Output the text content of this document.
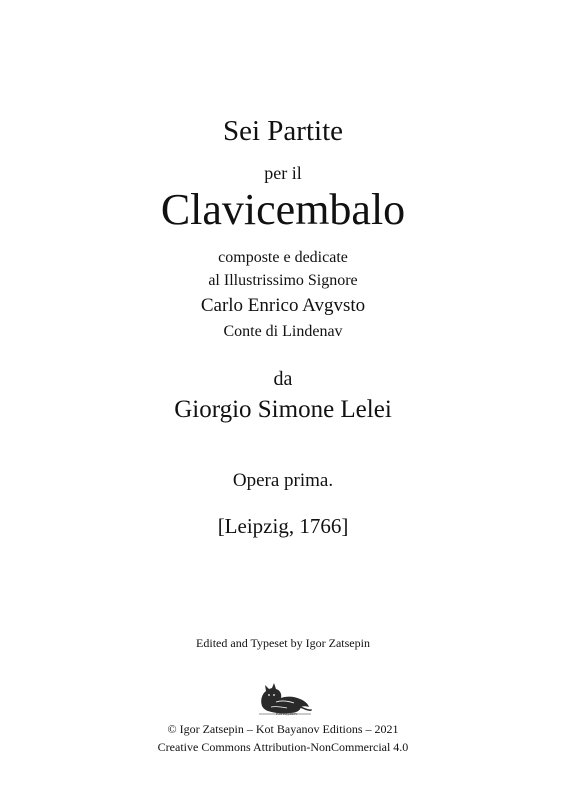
Sei Partite
per il
Clavicembalo
composte e dedicate
al Illustrissimo Signore
Carlo Enrico Avgvsto
Conte di Lindenav
da
Giorgio Simone Lelei
Opera prima.
[Leipzig, 1766]
Edited and Typeset by Igor Zatsepin
Kot Bayanov
© Igor Zatsepin – Kot Bayanov Editions – 2021
Creative Commons Attribution-NonCommercial 4.0
